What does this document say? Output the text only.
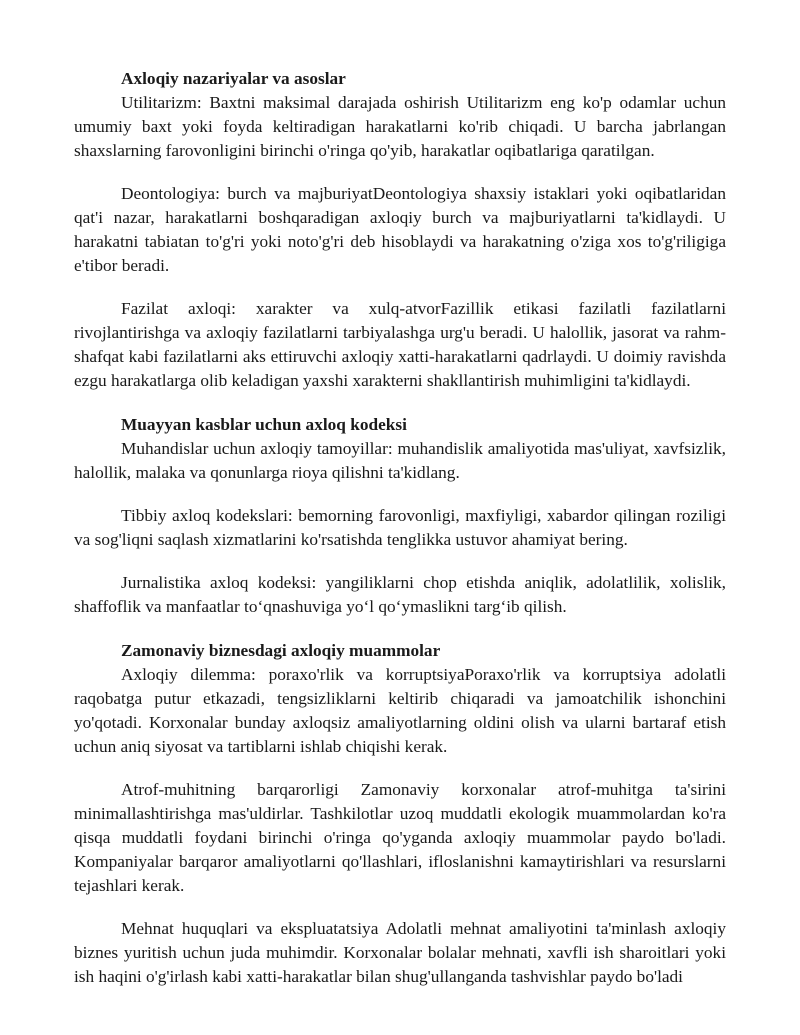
Axloqiy nazariyalar va asoslar

Utilitarizm: Baxtni maksimal darajada oshirish Utilitarizm eng ko'p odamlar uchun umumiy baxt yoki foyda keltiradigan harakatlarni ko'rib chiqadi. U barcha jabrlangan shaxslarning farovonligini birinchi o'ringa qo'yib, harakatlar oqibatlariga qaratilgan.

Deontologiya: burch va majburiyatDeontologiya shaxsiy istaklari yoki oqibatlaridan qat'i nazar, harakatlarni boshqaradigan axloqiy burch va majburiyatlarni ta'kidlaydi. U harakatni tabiatan to'g'ri yoki noto'g'ri deb hisoblaydi va harakatning o'ziga xos to'g'riligiga e'tibor beradi.

Fazilat axloqi: xarakter va xulq-atvorFazillik etikasi fazilatli fazilatlarni rivojlantirishga va axloqiy fazilatlarni tarbiyalashga urg'u beradi. U halollik, jasorat va rahm-shafqat kabi fazilatlarni aks ettiruvchi axloqiy xatti-harakatlarni qadrlaydi. U doimiy ravishda ezgu harakatlarga olib keladigan yaxshi xarakterni shakllantirish muhimligini ta'kidlaydi.

Muayyan kasblar uchun axloq kodeksi

Muhandislar uchun axloqiy tamoyillar: muhandislik amaliyotida mas'uliyat, xavfsizlik, halollik, malaka va qonunlarga rioya qilishni ta'kidlang.

Tibbiy axloq kodekslari: bemorning farovonligi, maxfiyligi, xabardor qilingan roziligi va sog'liqni saqlash xizmatlarini ko'rsatishda tenglikka ustuvor ahamiyat bering.

Jurnalistika axloq kodeksi: yangiliklarni chop etishda aniqlik, adolatlilik, xolislik, shaffoflik va manfaatlar to‘qnashuviga yo‘l qo‘ymaslikni targ‘ib qilish.

Zamonaviy biznesdagi axloqiy muammolar

Axloqiy dilemma: poraxo'rlik va korruptsiyaPoraxo'rlik va korruptsiya adolatli raqobatga putur etkazadi, tengsizliklarni keltirib chiqaradi va jamoatchilik ishonchini yo'qotadi. Korxonalar bunday axloqsiz amaliyotlarning oldini olish va ularni bartaraf etish uchun aniq siyosat va tartiblarni ishlab chiqishi kerak.

Atrof-muhitning barqarorligi Zamonaviy korxonalar atrof-muhitga ta'sirini minimallashtirishga mas'uldirlar. Tashkilotlar uzoq muddatli ekologik muammolardan ko'ra qisqa muddatli foydani birinchi o'ringa qo'yganda axloqiy muammolar paydo bo'ladi. Kompaniyalar barqaror amaliyotlarni qo'llashlari, ifloslanishni kamaytirishlari va resurslarni tejashlari kerak.

Mehnat huquqlari va ekspluatatsiya Adolatli mehnat amaliyotini ta'minlash axloqiy biznes yuritish uchun juda muhimdir. Korxonalar bolalar mehnati, xavfli ish sharoitlari yoki ish haqini o'g'irlash kabi xatti-harakatlar bilan shug'ullanganda tashvishlar paydo bo'ladi
